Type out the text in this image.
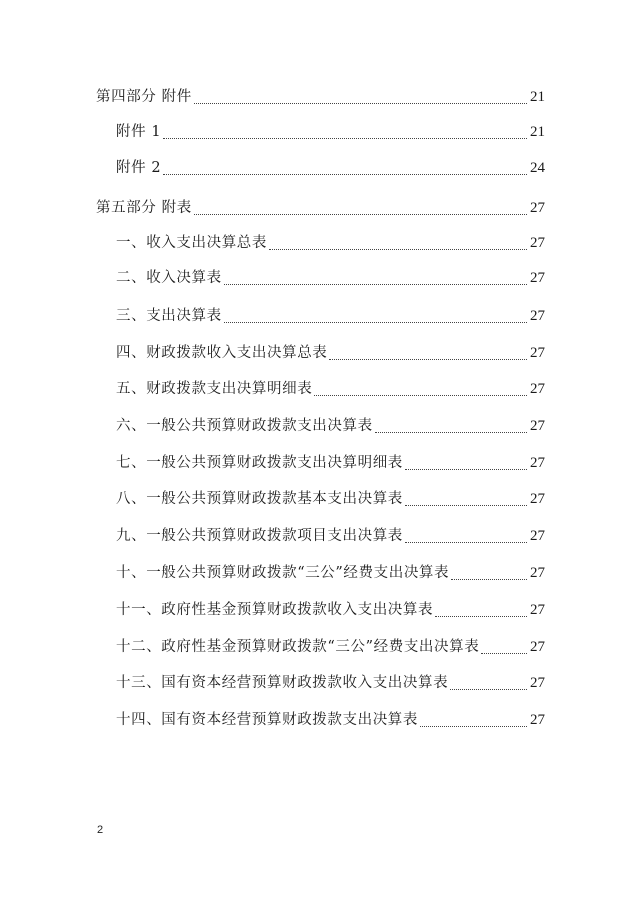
第四部分 附件	21
附件 1	21
附件 2	24
第五部分 附表	27
一、收入支出决算总表	27
二、收入决算表	27
三、支出决算表	27
四、财政拨款收入支出决算总表	27
五、财政拨款支出决算明细表	27
六、一般公共预算财政拨款支出决算表	27
七、一般公共预算财政拨款支出决算明细表	27
八、一般公共预算财政拨款基本支出决算表	27
九、一般公共预算财政拨款项目支出决算表	27
十、一般公共预算财政拨款“三公”经费支出决算表	27
十一、政府性基金预算财政拨款收入支出决算表	27
十二、政府性基金预算财政拨款“三公”经费支出决算表	27
十三、国有资本经营预算财政拨款收入支出决算表	27
十四、国有资本经营预算财政拨款支出决算表	27
2
